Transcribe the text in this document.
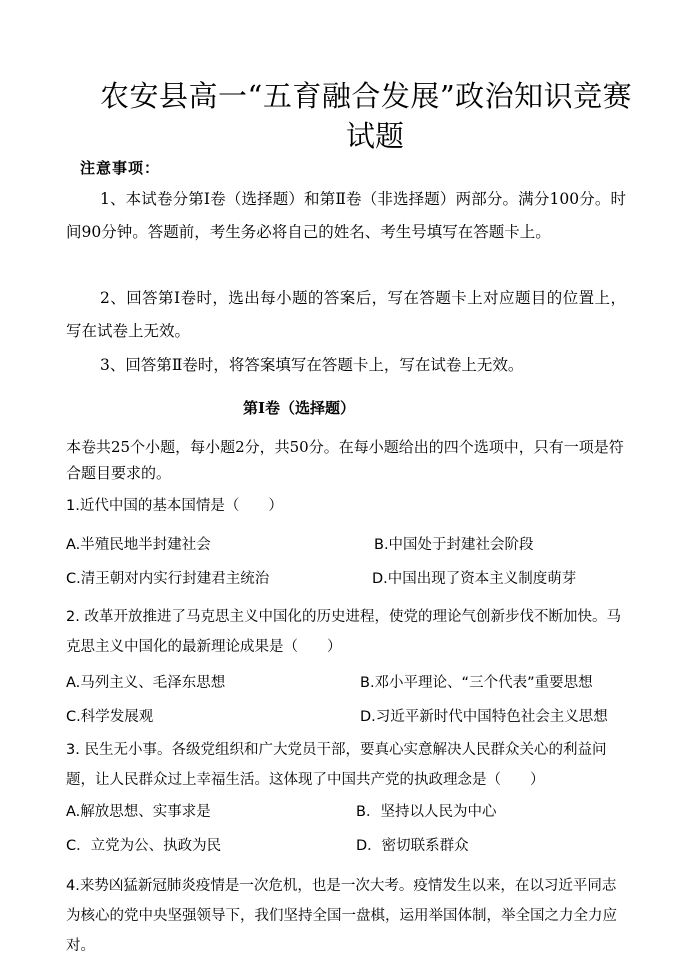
农安县高一“五育融合发展”政治知识竞赛
试题
注意事项：

1、本试卷分第Ⅰ卷（选择题）和第Ⅱ卷（非选择题）两部分。满分100分。时间90分钟。答题前，考生务必将自己的姓名、考生号填写在答题卡上。

2、回答第Ⅰ卷时，选出每小题的答案后，写在答题卡上对应题目的位置上，写在试卷上无效。

3、回答第Ⅱ卷时，将答案填写在答题卡上，写在试卷上无效。

第Ⅰ卷（选择题）

本卷共25个小题，每小题2分，共50分。在每小题给出的四个选项中，只有一项是符合题目要求的。

1.近代中国的基本国情是（　　）

A.半殖民地半封建社会	B.中国处于封建社会阶段
C.清王朝对内实行封建君主统治	D.中国出现了资本主义制度萌芽

2. 改革开放推进了马克思主义中国化的历史进程，使党的理论气创新步伐不断加快。马克思主义中国化的最新理论成果是（　　）

A.马列主义、毛泽东思想	B.邓小平理论、“三个代表”重要思想
C.科学发展观	D.习近平新时代中国特色社会主义思想

3. 民生无小事。各级党组织和广大党员干部，要真心实意解决人民群众关心的利益问题，让人民群众过上幸福生活。这体现了中国共产党的执政理念是（　　）

A.解放思想、实事求是	B．坚持以人民为中心
C．立党为公、执政为民	D．密切联系群众

4.来势凶猛新冠肺炎疫情是一次危机，也是一次大考。疫情发生以来，在以习近平同志为核心的党中央坚强领导下，我们坚持全国一盘棋，运用举国体制，举全国之力全力应对。
